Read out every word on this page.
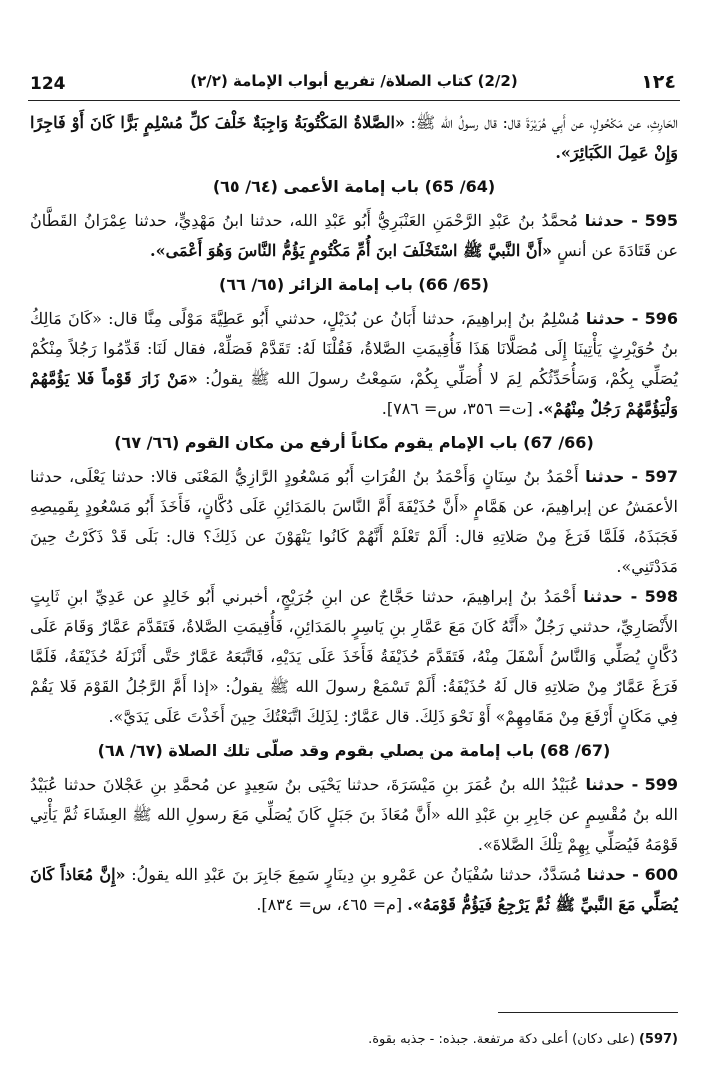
124	(2/2) كتاب الصلاة/ تفريع أبواب الإمامة (٢/٢)	١٢٤

الحَارِثِ، عن مَكْحُولٍ، عن أَبِي هُرَيْرَةَ قال: قال رسولُ الله ﷺ: «الصَّلاةُ المَكْتُوبَةُ وَاجِبَةٌ خَلْفَ كلِّ مُسْلِمٍ بَرًّا كَانَ أَوْ فَاجِرًا وَإِنْ عَمِلَ الكَبَائِرَ».

(64/ 65) باب إمامة الأعمى (٦٤/ ٦٥)

595 - حدثنا مُحمَّدُ بنُ عَبْدِ الرَّحْمَنِ العَنْبَرِيُّ أَبُو عَبْدِ الله، حدثنا ابنُ مَهْدِيٍّ، حدثنا عِمْرَانُ القَطَّانُ عن قَتَادَةَ عن أنسٍ «أَنَّ النَّبيَّ ﷺ اسْتَخْلَفَ ابنَ أُمِّ مَكْتُومٍ يَؤُمُّ النَّاسَ وَهُوَ أَعْمَى».

(65/ 66) باب إمامة الزائر (٦٥/ ٦٦)

596 - حدثنا مُسْلِمُ بنُ إبراهِيمَ، حدثنا أَبَانُ عن بُدَيْلٍ، حدثني أَبُو عَطِيَّةَ مَوْلًى مِنَّا قال: «كَانَ مَالِكُ بنُ حُوَيْرِثٍ يَأْتِينَا إِلَى مُصَلَّانَا هَذَا فَأُقِيمَتِ الصَّلاةُ، فَقُلْنَا لَهُ: تَقَدَّمْ فَصَلِّهْ، فقال لَنَا: قَدِّمُوا رَجُلاً مِنْكُمْ يُصَلِّي بِكُمْ، وَسَأُحَدِّثُكُم لِمَ لا أُصَلِّي بِكُمْ، سَمِعْتُ رسولَ الله ﷺ يقولُ: «مَنْ زَارَ قَوْماً فَلا يَؤُمَّهُمْ وَلْيَؤُمَّهُمْ رَجُلٌ مِنْهُمْ». [ت= ٣٥٦، س= ٧٨٦].

(66/ 67) باب الإمام يقوم مكاناً أرفع من مكان القوم (٦٦/ ٦٧)

597 - حدثنا أَحْمَدُ بنُ سِنَانٍ وَأَحْمَدُ بنُ الفُرَاتِ أَبُو مَسْعُودٍ الرَّازِيُّ المَعْنَى قالا: حدثنا يَعْلَى، حدثنا الأعمَشُ عن إبراهِيمَ، عن هَمَّامٍ «أَنَّ حُذَيْفَةَ أَمَّ النَّاسَ بالمَدَائِنِ عَلَى دُكَّانٍ، فَأَخَذَ أَبُو مَسْعُودٍ بِقَمِيصِهِ فَجَبَذَهُ، فَلَمَّا فَرَغَ مِنْ صَلاتِهِ قال: أَلَمْ تَعْلَمْ أَنَّهُمْ كَانُوا يَنْهَوْنَ عن ذَلِكَ؟ قال: بَلَى قَدْ ذَكَرْتُ حِينَ مَدَدْتَنِي».

598 - حدثنا أَحْمَدُ بنُ إبراهِيمَ، حدثنا حَجَّاجٌ عن ابنِ جُرَيْجٍ، أخبرني أَبُو خَالِدٍ عن عَدِيِّ ابنِ ثَابِتٍ الأَنْصَارِيِّ، حدثني رَجُلٌ «أَنَّهُ كَانَ مَعَ عَمَّارِ بنِ يَاسِرٍ بالمَدَائِنِ، فَأُقِيمَتِ الصَّلاةُ، فَتَقَدَّمَ عَمَّارٌ وَقَامَ عَلَى دُكَّانٍ يُصَلِّي وَالنَّاسُ أَسْفَلَ مِنْهُ، فَتَقَدَّمَ حُذَيْفَةُ فَأَخَذَ عَلَى يَدَيْهِ، فَاتَّبَعَهُ عَمَّارٌ حَتَّى أَنْزَلَهُ حُذَيْفَةُ، فَلَمَّا فَرَغَ عَمَّارٌ مِنْ صَلاتِهِ قال لَهُ حُذَيْفَةُ: أَلَمْ تَسْمَعْ رسولَ الله ﷺ يقولُ: «إذا أَمَّ الرَّجُلُ القَوْمَ فَلا يَقُمْ فِي مَكَانٍ أَرْفَعَ مِنْ مَقَامِهِمْ» أَوْ نَحْوَ ذَلِكَ. قال عَمَّارٌ: لِذَلِكَ اتَّبَعْتُكَ حِينَ أَخَذْتَ عَلَى يَدَيَّ».

(67/ 68) باب إمامة من يصلي بقوم وقد صلّى تلك الصلاة (٦٧/ ٦٨)

599 - حدثنا عُبَيْدُ الله بنُ عُمَرَ بنِ مَيْسَرَةَ، حدثنا يَحْيَى بنُ سَعِيدٍ عن مُحمَّدِ بنِ عَجْلانَ حدثنا عُبَيْدُ الله بنُ مُقْسِمٍ عن جَابِرِ بنِ عَبْدِ الله «أَنَّ مُعَاذَ بنَ جَبَلٍ كَانَ يُصَلِّي مَعَ رسولِ الله ﷺ العِشَاءَ ثُمَّ يَأْتِي قَوْمَهُ فَيُصَلِّي بِهِمْ تِلْكَ الصَّلاةَ».

600 - حدثنا مُسَدَّدٌ، حدثنا سُفْيَانُ عن عَمْرِو بنِ دِينَارٍ سَمِعَ جَابِرَ بنَ عَبْدِ الله يقولُ: «إِنَّ مُعَاذاً كَانَ يُصَلِّي مَعَ النَّبيِّ ﷺ ثُمَّ يَرْجِعُ فَيَؤُمُّ قَوْمَهُ». [م= ٤٦٥، س= ٨٣٤].

(597) (على دكان) أعلى دكة مرتفعة. جبذه: - جذبه بقوة.
